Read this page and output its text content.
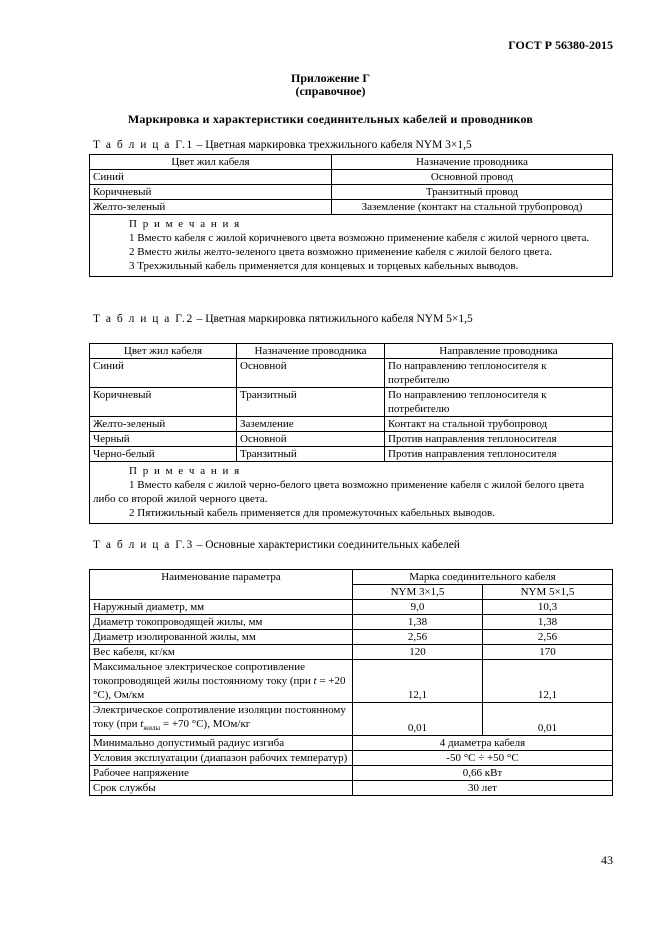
ГОСТ Р 56380-2015
Приложение Г
(справочное)
Маркировка и характеристики соединительных кабелей и проводников
Т а б л и ц а Г.1 – Цветная маркировка трехжильного кабеля NYM 3×1,5
Цвет жил кабеля	Назначение проводника
Синий	Основной провод
Коричневый	Транзитный провод
Желто-зеленый	Заземление (контакт на стальной трубопровод)

П р и м е ч а н и я
1 Вместо кабеля с жилой коричневого цвета возможно применение кабеля с жилой черного цвета.
2 Вместо жилы желто-зеленого цвета возможно применение кабеля с жилой белого цвета.
3 Трехжильный кабель применяется для концевых и торцевых кабельных выводов.	
Т а б л и ц а Г.2 – Цветная маркировка пятижильного кабеля NYM 5×1,5
Цвет жил кабеля	Назначение проводника	Направление проводника
Синий	Основной	По направлению теплоносителя к потребителю
Коричневый	Транзитный	По направлению теплоносителя к потребителю
Желто-зеленый	Заземление	Контакт на стальной трубопровод
Черный	Основной	Против направления теплоносителя
Черно-белый	Транзитный	Против направления теплоносителя

П р и м е ч а н и я
1 Вместо кабеля с жилой черно-белого цвета возможно применение кабеля с жилой белого цвета либо со второй жилой черного цвета.
2 Пятижильный кабель применяется для промежуточных кабельных выводов.		
Т а б л и ц а Г.3 – Основные характеристики соединительных кабелей
Наименование параметра	Марка соединительного кабеля	
	NYM 3×1,5	NYM 5×1,5
Наружный диаметр, мм	9,0	10,3
Диаметр токопроводящей жилы, мм	1,38	1,38
Диаметр изолированной жилы, мм	2,56	2,56
Вес кабеля, кг/км	120	170
Максимальное электрическое сопротивление токопроводящей жилы постоянному току (при t = +20 °С), Ом/км	12,1	12,1
Электрическое сопротивление изоляции постоянному току (при $t_{жилы} = +70$ °С), МОм/кг	0,01	0,01
Минимально допустимый радиус изгиба	4 диаметра кабеля	
Условия эксплуатации (диапазон рабочих температур)	-50 °С ÷ +50 °С	
Рабочее напряжение	0,66 кВт	
Срок службы	30 лет	
43
